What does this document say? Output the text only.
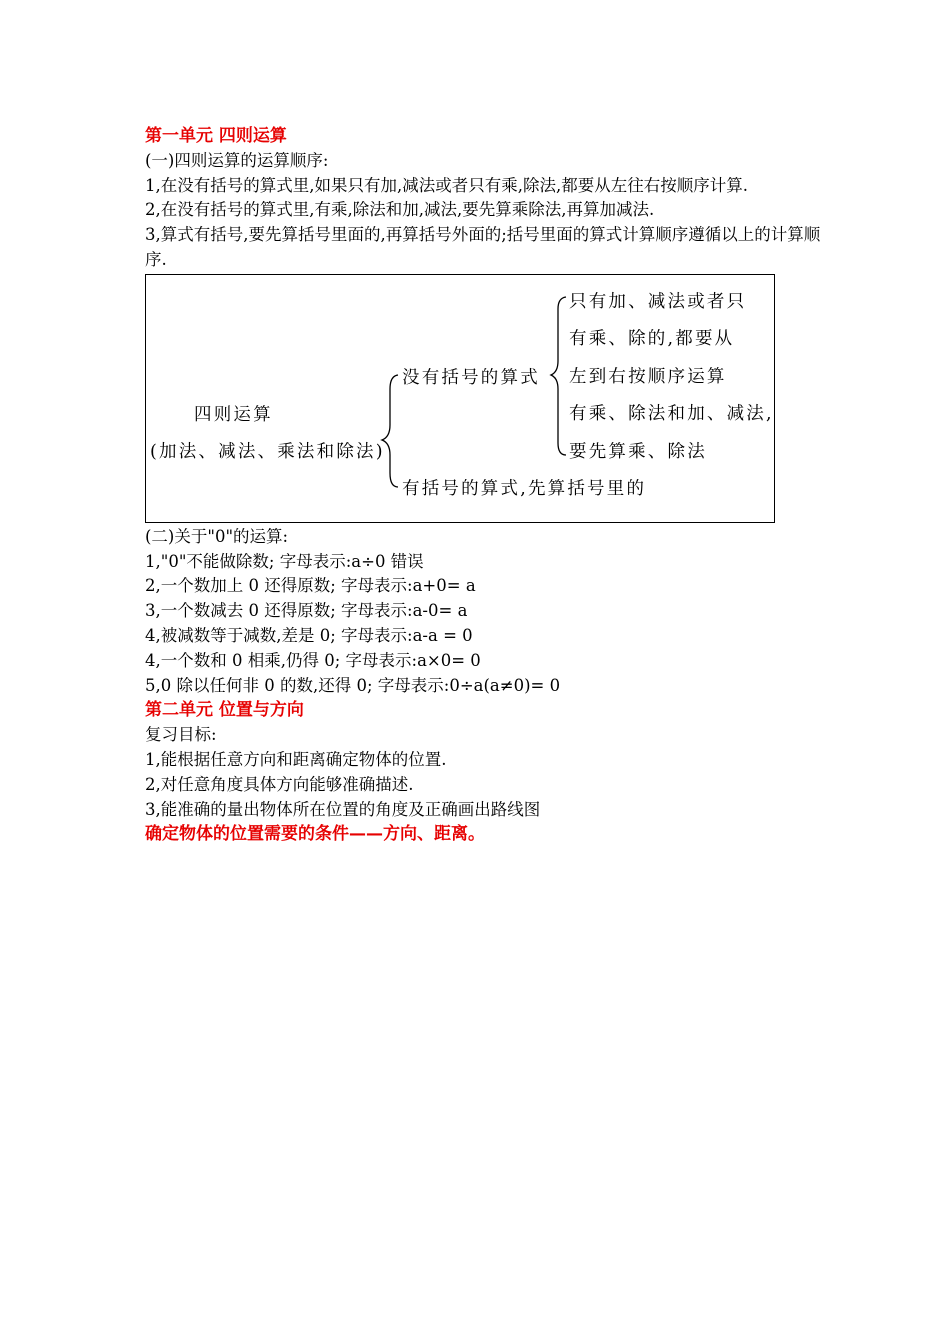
第一单元 四则运算
(一)四则运算的运算顺序:
1,在没有括号的算式里,如果只有加,减法或者只有乘,除法,都要从左往右按顺序计算.
2,在没有括号的算式里,有乘,除法和加,减法,要先算乘除法,再算加减法.
3,算式有括号,要先算括号里面的,再算括号外面的;括号里面的算式计算顺序遵循以上的计算顺序.
四则运算
(加法、减法、乘法和除法)
没有括号的算式
只有加、减法或者只
有乘、除的,都要从
左到右按顺序运算
有乘、除法和加、减法,
要先算乘、除法
有括号的算式,先算括号里的
(二)关于"0"的运算:
1,"0"不能做除数; 字母表示:a÷0 错误
2,一个数加上 0 还得原数; 字母表示:a+0= a
3,一个数减去 0 还得原数; 字母表示:a-0= a
4,被减数等于减数,差是 0; 字母表示:a-a = 0
4,一个数和 0 相乘,仍得 0; 字母表示:a×0= 0
5,0 除以任何非 0 的数,还得 0; 字母表示:0÷a(a≠0)= 0
第二单元 位置与方向
复习目标:
1,能根据任意方向和距离确定物体的位置.
2,对任意角度具体方向能够准确描述.
3,能准确的量出物体所在位置的角度及正确画出路线图
确定物体的位置需要的条件——方向、距离。
